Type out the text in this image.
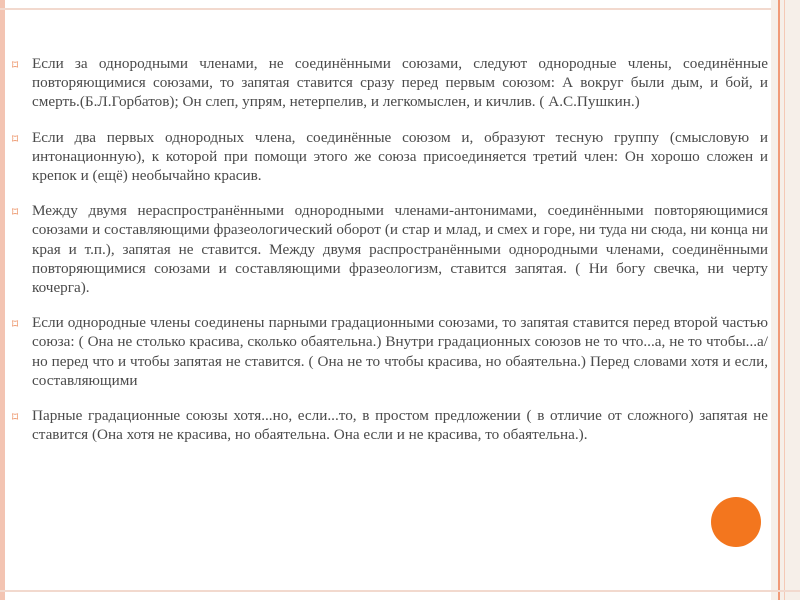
⌑ Если за однородными членами, не соединёнными союзами, следуют однородные члены, соединённые повторяющимися союзами, то запятая ставится сразу перед первым союзом: А вокруг были дым, и бой, и смерть.(Б.Л.Горбатов); Он слеп, упрям, нетерпелив, и легкомыслен, и кичлив. ( А.С.Пушкин.)
⌑ Если два первых однородных члена, соединённые союзом и, образуют тесную группу (смысловую и интонационную), к которой при помощи этого же союза присоединяется третий член: Он хорошо сложен и крепок и (ещё) необычайно красив.
⌑ Между двумя нераспространёнными однородными членами-антонимами, соединёнными повторяющимися союзами и составляющими фразеологический оборот (и стар и млад, и смех и горе, ни туда ни сюда, ни конца ни края и т.п.), запятая не ставится. Между двумя распространёнными однородными членами, соединёнными повторяющимися союзами и составляющими фразеологизм, ставится запятая. ( Ни богу свечка, ни черту кочерга).
⌑ Если однородные члены соединены парными градационными союзами, то запятая ставится перед второй частью союза: ( Она не столько красива, сколько обаятельна.) Внутри градационных союзов не то что...а, не то чтобы...а/но перед что и чтобы запятая не ставится. ( Она не то чтобы красива, но обаятельна.) Перед словами хотя и если, составляющими
⌑ Парные градационные союзы хотя...но, если...то, в простом предложении ( в отличие от сложного) запятая не ставится (Она хотя не красива, но обаятельна. Она если и не красива, то обаятельна.).
